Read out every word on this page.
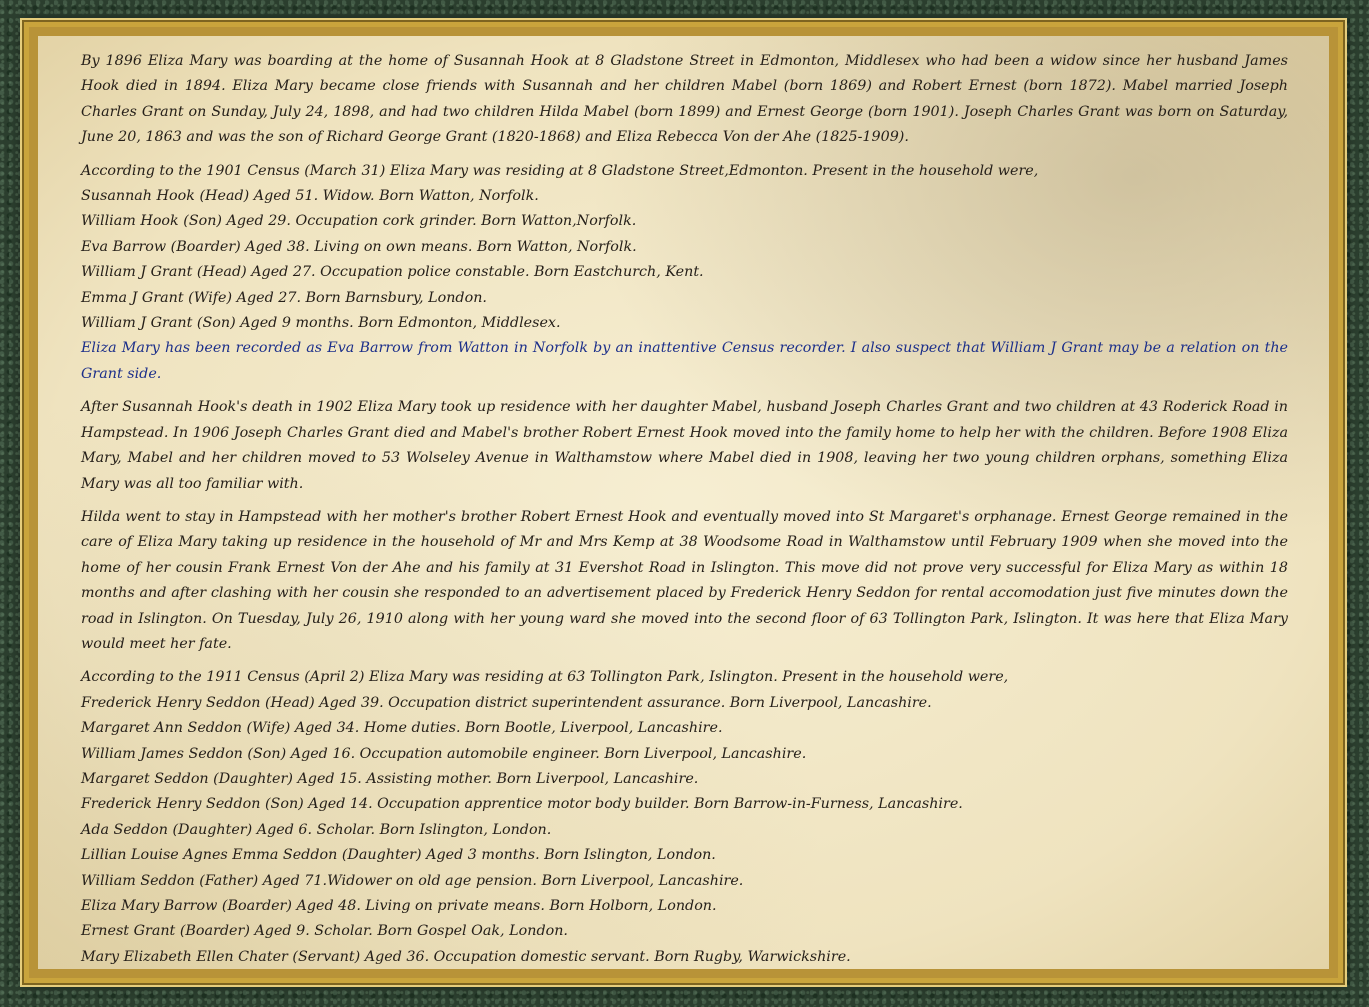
By 1896 Eliza Mary was boarding at the home of Susannah Hook at 8 Gladstone Street in Edmonton, Middlesex who had been a widow since her husband James Hook died in 1894. Eliza Mary became close friends with Susannah and her children Mabel (born 1869) and Robert Ernest (born 1872). Mabel married Joseph Charles Grant on Sunday, July 24, 1898, and had two children Hilda Mabel (born 1899) and Ernest George (born 1901). Joseph Charles Grant was born on Saturday, June 20, 1863 and was the son of Richard George Grant (1820-1868) and Eliza Rebecca Von der Ahe (1825-1909).

According to the 1901 Census (March 31) Eliza Mary was residing at 8 Gladstone Street,Edmonton. Present in the household were,
Susannah Hook (Head) Aged 51. Widow. Born Watton, Norfolk.
William Hook (Son) Aged 29. Occupation cork grinder. Born Watton,Norfolk.
Eva Barrow (Boarder) Aged 38. Living on own means. Born Watton, Norfolk.
William J Grant (Head) Aged 27. Occupation police constable. Born Eastchurch, Kent.
Emma J Grant (Wife) Aged 27. Born Barnsbury, London.
William J Grant (Son) Aged 9 months. Born Edmonton, Middlesex.

Eliza Mary has been recorded as Eva Barrow from Watton in Norfolk by an inattentive Census recorder. I also suspect that William J Grant may be a relation on the Grant side.

After Susannah Hook's death in 1902 Eliza Mary took up residence with her daughter Mabel, husband Joseph Charles Grant and two children at 43 Roderick Road in Hampstead. In 1906 Joseph Charles Grant died and Mabel's brother Robert Ernest Hook moved into the family home to help her with the children. Before 1908 Eliza Mary, Mabel and her children moved to 53 Wolseley Avenue in Walthamstow where Mabel died in 1908, leaving her two young children orphans, something Eliza Mary was all too familiar with.

Hilda went to stay in Hampstead with her mother's brother Robert Ernest Hook and eventually moved into St Margaret's orphanage. Ernest George remained in the care of Eliza Mary taking up residence in the household of Mr and Mrs Kemp at 38 Woodsome Road in Walthamstow until February 1909 when she moved into the home of her cousin Frank Ernest Von der Ahe and his family at 31 Evershot Road in Islington. This move did not prove very successful for Eliza Mary as within 18 months and after clashing with her cousin she responded to an advertisement placed by Frederick Henry Seddon for rental accomodation just five minutes down the road in Islington. On Tuesday, July 26, 1910 along with her young ward she moved into the second floor of 63 Tollington Park, Islington. It was here that Eliza Mary would meet her fate.

According to the 1911 Census (April 2) Eliza Mary was residing at 63 Tollington Park, Islington. Present in the household were,
Frederick Henry Seddon (Head) Aged 39. Occupation district superintendent assurance. Born Liverpool, Lancashire.
Margaret Ann Seddon (Wife) Aged 34. Home duties. Born Bootle, Liverpool, Lancashire.
William James Seddon (Son) Aged 16. Occupation automobile engineer. Born Liverpool, Lancashire.
Margaret Seddon (Daughter) Aged 15. Assisting mother. Born Liverpool, Lancashire.
Frederick Henry Seddon (Son) Aged 14. Occupation apprentice motor body builder. Born Barrow-in-Furness, Lancashire.
Ada Seddon (Daughter) Aged 6. Scholar. Born Islington, London.
Lillian Louise Agnes Emma Seddon (Daughter) Aged 3 months. Born Islington, London.
William Seddon (Father) Aged 71.Widower on old age pension. Born Liverpool, Lancashire.
Eliza Mary Barrow (Boarder) Aged 48. Living on private means. Born Holborn, London.
Ernest Grant (Boarder) Aged 9. Scholar. Born Gospel Oak, London.
Mary Elizabeth Ellen Chater (Servant) Aged 36. Occupation domestic servant. Born Rugby, Warwickshire.
